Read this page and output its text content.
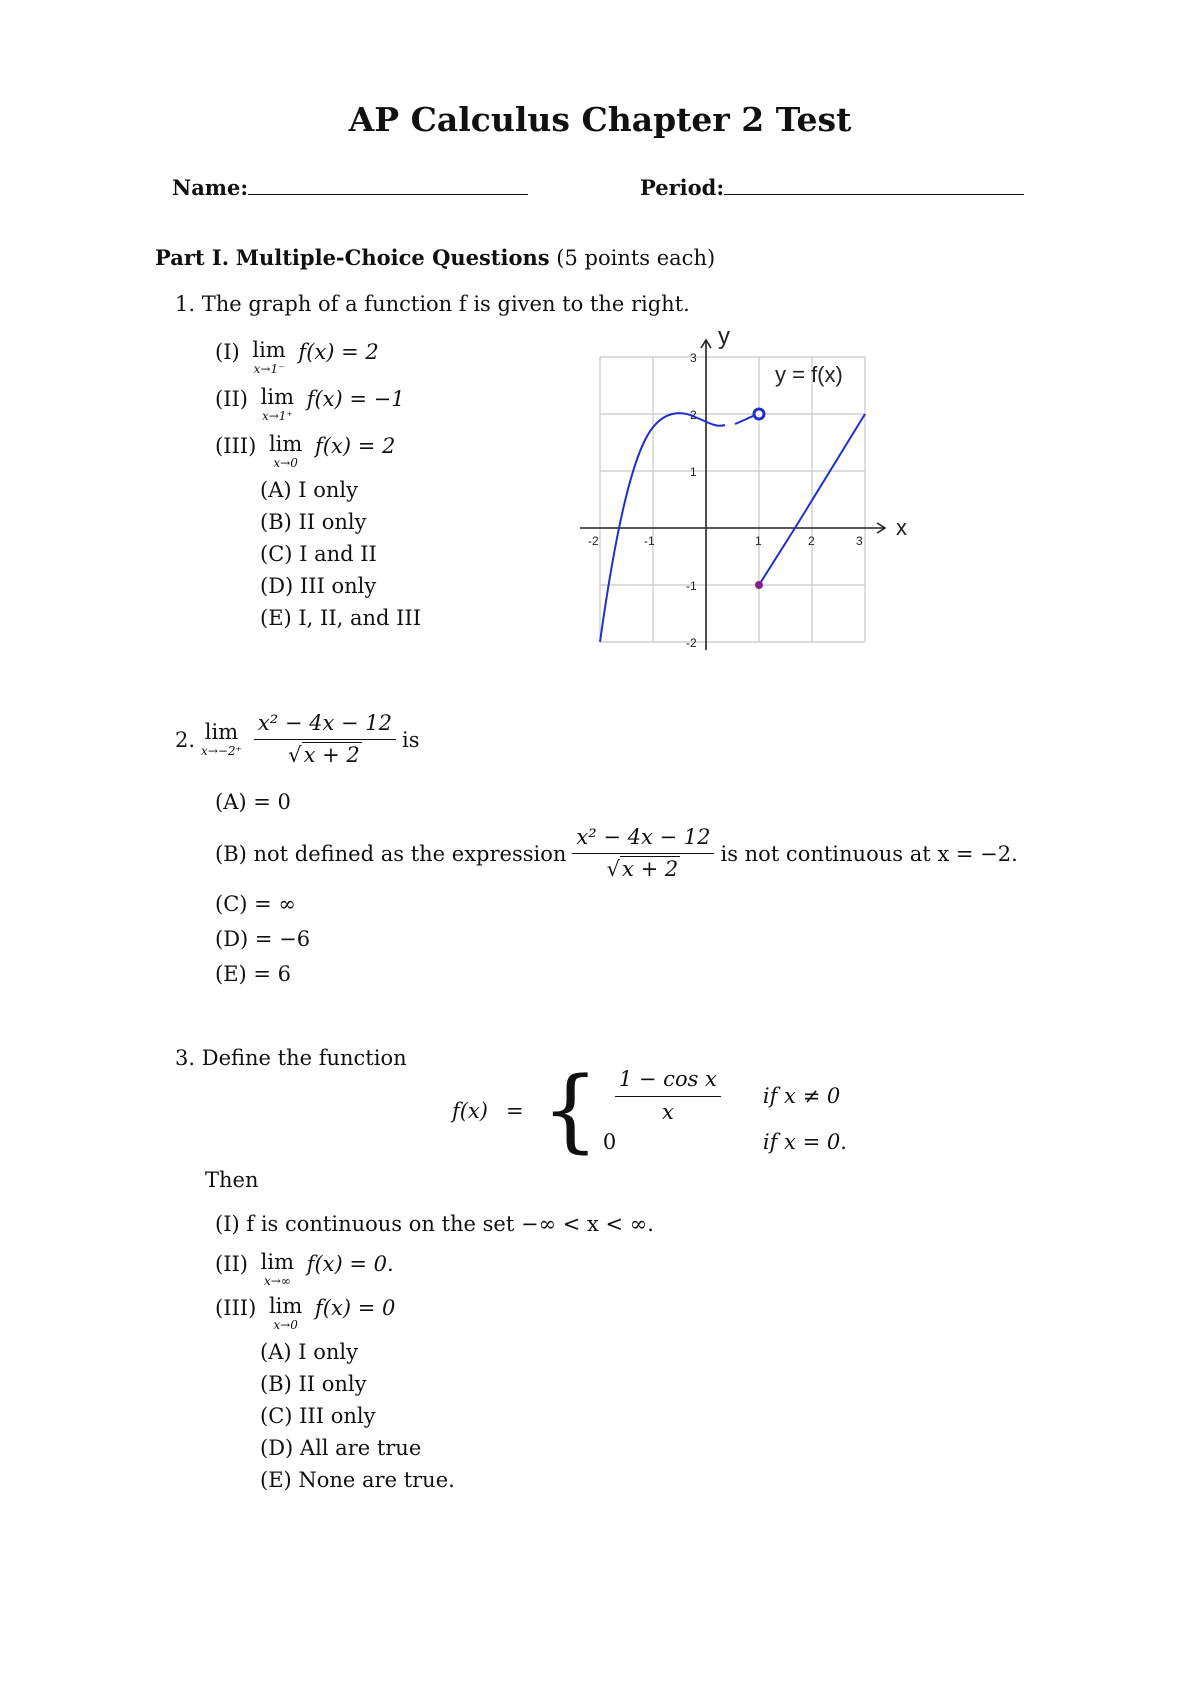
AP Calculus Chapter 2 Test
Name:	Period:
Part I. Multiple-Choice Questions (5 points each)
1. The graph of a function f is given to the right.
(I) lim
x→1⁻
f(x) = 2
(II) lim
x→1⁺
f(x) = −1
(III) lim
x→0
f(x) = 2
(A) I only
(B) II only
(C) I and II
(D) III only
(E) I, II, and III
x
y
-2	-1	1	2	3
3
2
1
-1
-2
y = f(x)
2. lim
$x\to-2^+ \frac{\text{x² − 4x − 12}}{√x + 2}$ is
(A) = 0
(B) not defined as the expression $\frac{\text{x² − 4x − 12}}{√x + 2}$ is not continuous at x = −2.
(C) = ∞
(D) = −6
(E) = 6
3. Define the function
f(x) = { $\frac{\text{1 − cos x}}{x}$	if x ≠ 0
0	if x = 0.
Then
(I) f is continuous on the set −∞ < x < ∞.
(II) lim
x→∞
f(x) = 0.
(III) lim
x→0
f(x) = 0
(A) I only
(B) II only
(C) III only
(D) All are true
(E) None are true.
